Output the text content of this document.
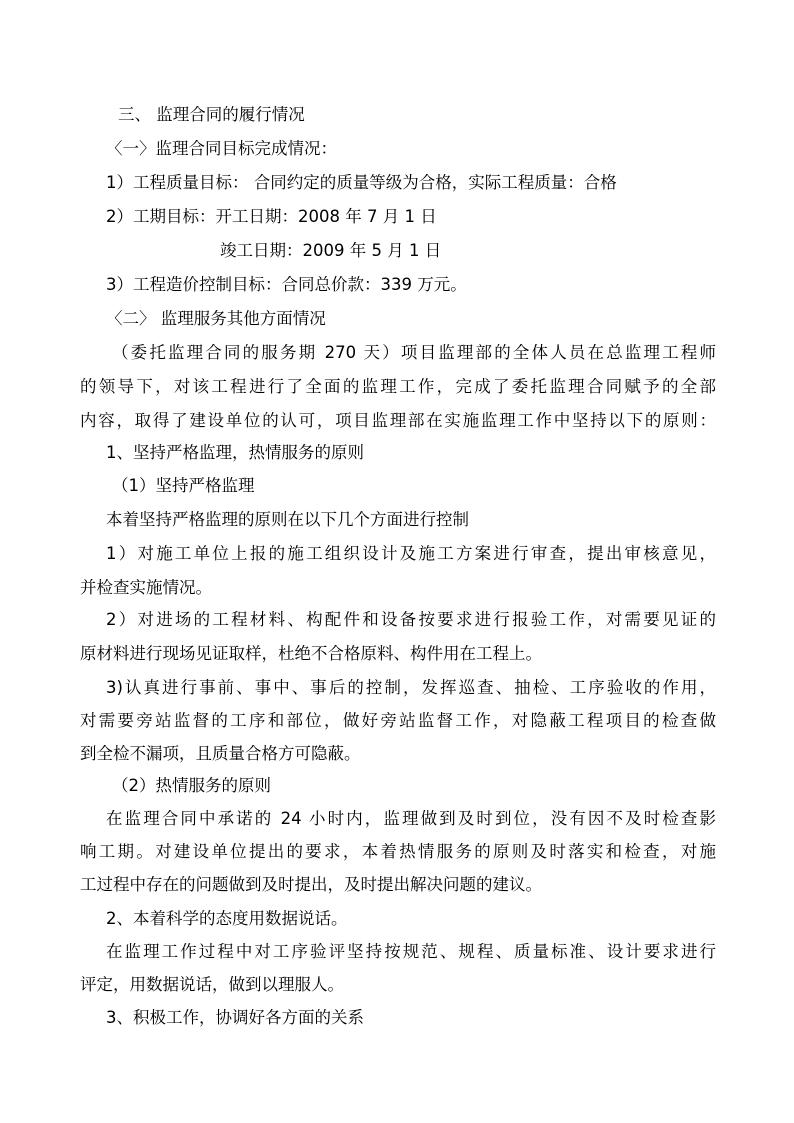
三、 监理合同的履行情况
〈一〉监理合同目标完成情况：
1）工程质量目标： 合同约定的质量等级为合格，实际工程质量：合格
2）工期目标：开工日期：2008 年 7 月 1 日
竣工日期：2009 年 5 月 1 日
3）工程造价控制目标：合同总价款：339 万元。
〈二〉 监理服务其他方面情况
（委托监理合同的服务期 270 天）项目监理部的全体人员在总监理工程师
的领导下，对该工程进行了全面的监理工作，完成了委托监理合同赋予的全部
内容，取得了建设单位的认可，项目监理部在实施监理工作中坚持以下的原则：
1、坚持严格监理，热情服务的原则
（1）坚持严格监理
本着坚持严格监理的原则在以下几个方面进行控制
1）对施工单位上报的施工组织设计及施工方案进行审查，提出审核意见，
并检查实施情况。
2）对进场的工程材料、构配件和设备按要求进行报验工作，对需要见证的
原材料进行现场见证取样，杜绝不合格原料、构件用在工程上。
3)认真进行事前、事中、事后的控制，发挥巡查、抽检、工序验收的作用，
对需要旁站监督的工序和部位，做好旁站监督工作，对隐蔽工程项目的检查做
到全检不漏项，且质量合格方可隐蔽。
（2）热情服务的原则
在监理合同中承诺的 24 小时内，监理做到及时到位，没有因不及时检查影
响工期。对建设单位提出的要求，本着热情服务的原则及时落实和检查，对施
工过程中存在的问题做到及时提出，及时提出解决问题的建议。
2、本着科学的态度用数据说话。
在监理工作过程中对工序验评坚持按规范、规程、质量标准、设计要求进行
评定，用数据说话，做到以理服人。
3、积极工作，协调好各方面的关系
